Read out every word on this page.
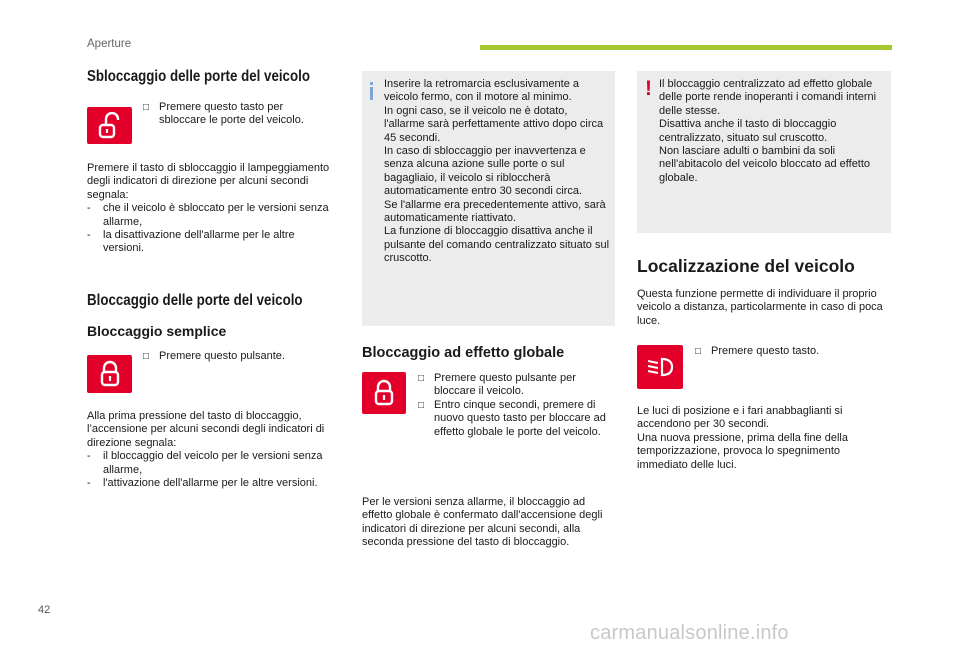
Aperture
Sbloccaggio delle porte del veicolo
□ Premere questo tasto per sbloccare le porte del veicolo.

Premere il tasto di sbloccaggio il lampeggiamento degli indicatori di direzione per alcuni secondi segnala:

-	che il veicolo è sbloccato per le versioni senza allarme,

-	la disattivazione dell'allarme per le altre versioni.

Bloccaggio delle porte del veicolo
Bloccaggio semplice
□ Premere questo pulsante.

Alla prima pressione del tasto di bloccaggio, l’accensione per alcuni secondi degli indicatori di direzione segnala:

-	il bloccaggio del veicolo per le versioni senza allarme,

-	l'attivazione dell'allarme per le altre versioni.

Inserire la retromarcia esclusivamente a veicolo fermo, con il motore al minimo.
In ogni caso, se il veicolo ne è dotato, l'allarme sarà perfettamente attivo dopo circa 45 secondi.
In caso di sbloccaggio per inavvertenza e senza alcuna azione sulle porte o sul bagagliaio, il veicolo si ribloccherà automaticamente entro 30 secondi circa.
Se l'allarme era precedentemente attivo, sarà automaticamente riattivato.
La funzione di bloccaggio disattiva anche il pulsante del comando centralizzato situato sul cruscotto.

Bloccaggio ad effetto globale
□ Premere questo pulsante per bloccare il veicolo.

□ Entro cinque secondi, premere di nuovo questo tasto per bloccare ad effetto globale le porte del veicolo.

Per le versioni senza allarme, il bloccaggio ad effetto globale è confermato dall'accensione degli indicatori di direzione per alcuni secondi, alla seconda pressione del tasto di bloccaggio.

! Il bloccaggio centralizzato ad effetto globale delle porte rende inoperanti i comandi interni delle stesse.
Disattiva anche il tasto di bloccaggio centralizzato, situato sul cruscotto.
Non lasciare adulti o bambini da soli nell'abitacolo del veicolo bloccato ad effetto globale.

Localizzazione del veicolo

Questa funzione permette di individuare il proprio veicolo a distanza, particolarmente in caso di poca luce.

□ Premere questo tasto.

Le luci di posizione e i fari anabbaglianti si accendono per 30 secondi.
Una nuova pressione, prima della fine della temporizzazione, provoca lo spegnimento immediato delle luci.

42
carmanualsonline.info
